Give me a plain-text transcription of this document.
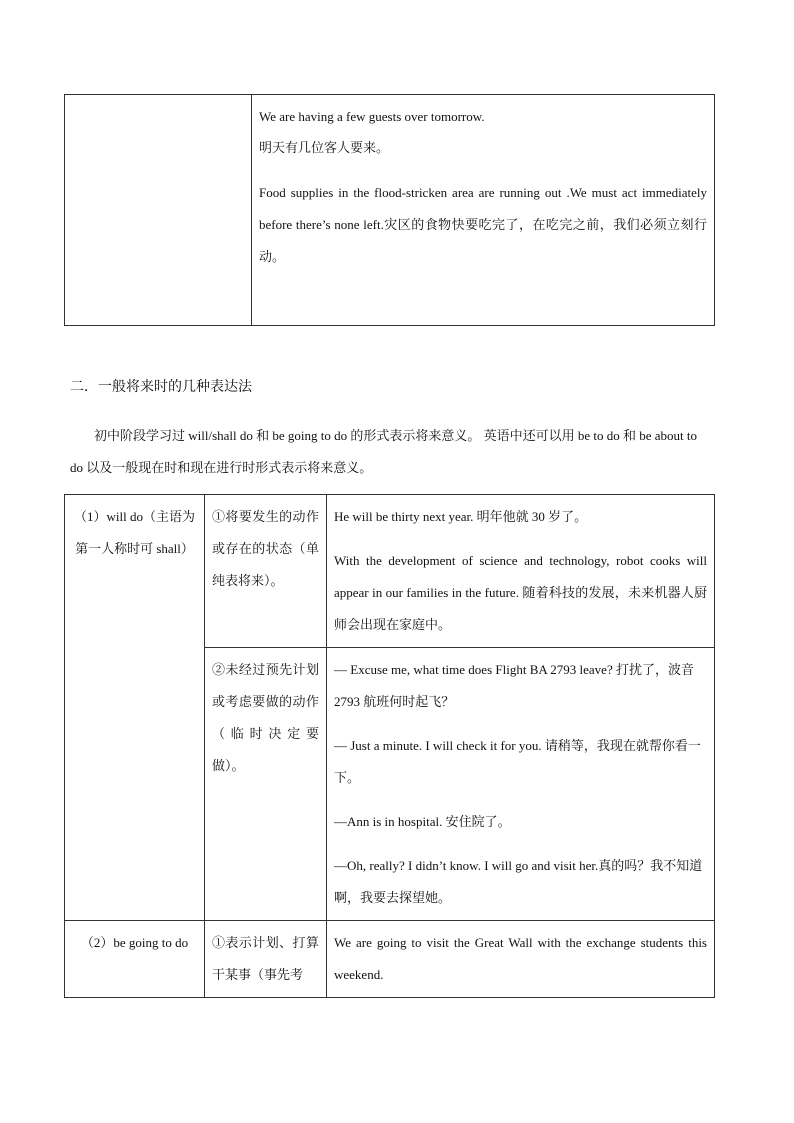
We are having a few guests over tomorrow.

明天有几位客人要来。

Food supplies in the flood-stricken area are running out .We must act immediately before there’s none left.灾区的食物快要吃完了，在吃完之前，我们必须立刻行动。

二．一般将来时的几种表达法
初中阶段学习过 will/shall do 和 be going to do 的形式表示将来意义。 英语中还可以用 be to do 和 be about to do 以及一般现在时和现在进行时形式表示将来意义。

（1）will do（主语为第一人称时可 shall）	①将要发生的动作或存在的状态（单纯表将来）。	He will be thirty next year. 明年他就 30 岁了。

With the development of science and technology, robot cooks will appear in our families in the future. 随着科技的发展，未来机器人厨师会出现在家庭中。

	②未经过预先计划或考虑要做的动作（临时决定要做）。	— Excuse me, what time does Flight BA 2793 leave? 打扰了，波音 2793 航班何时起飞？

— Just a minute. I will check it for you. 请稍等，我现在就帮你看一下。

—Ann is in hospital. 安住院了。

—Oh, really? I didn’t know. I will go and visit her.真的吗？我不知道啊，我要去探望她。

（2）be going to do	①表示计划、打算干某事（事先考	We are going to visit the Great Wall with the exchange students this weekend.
